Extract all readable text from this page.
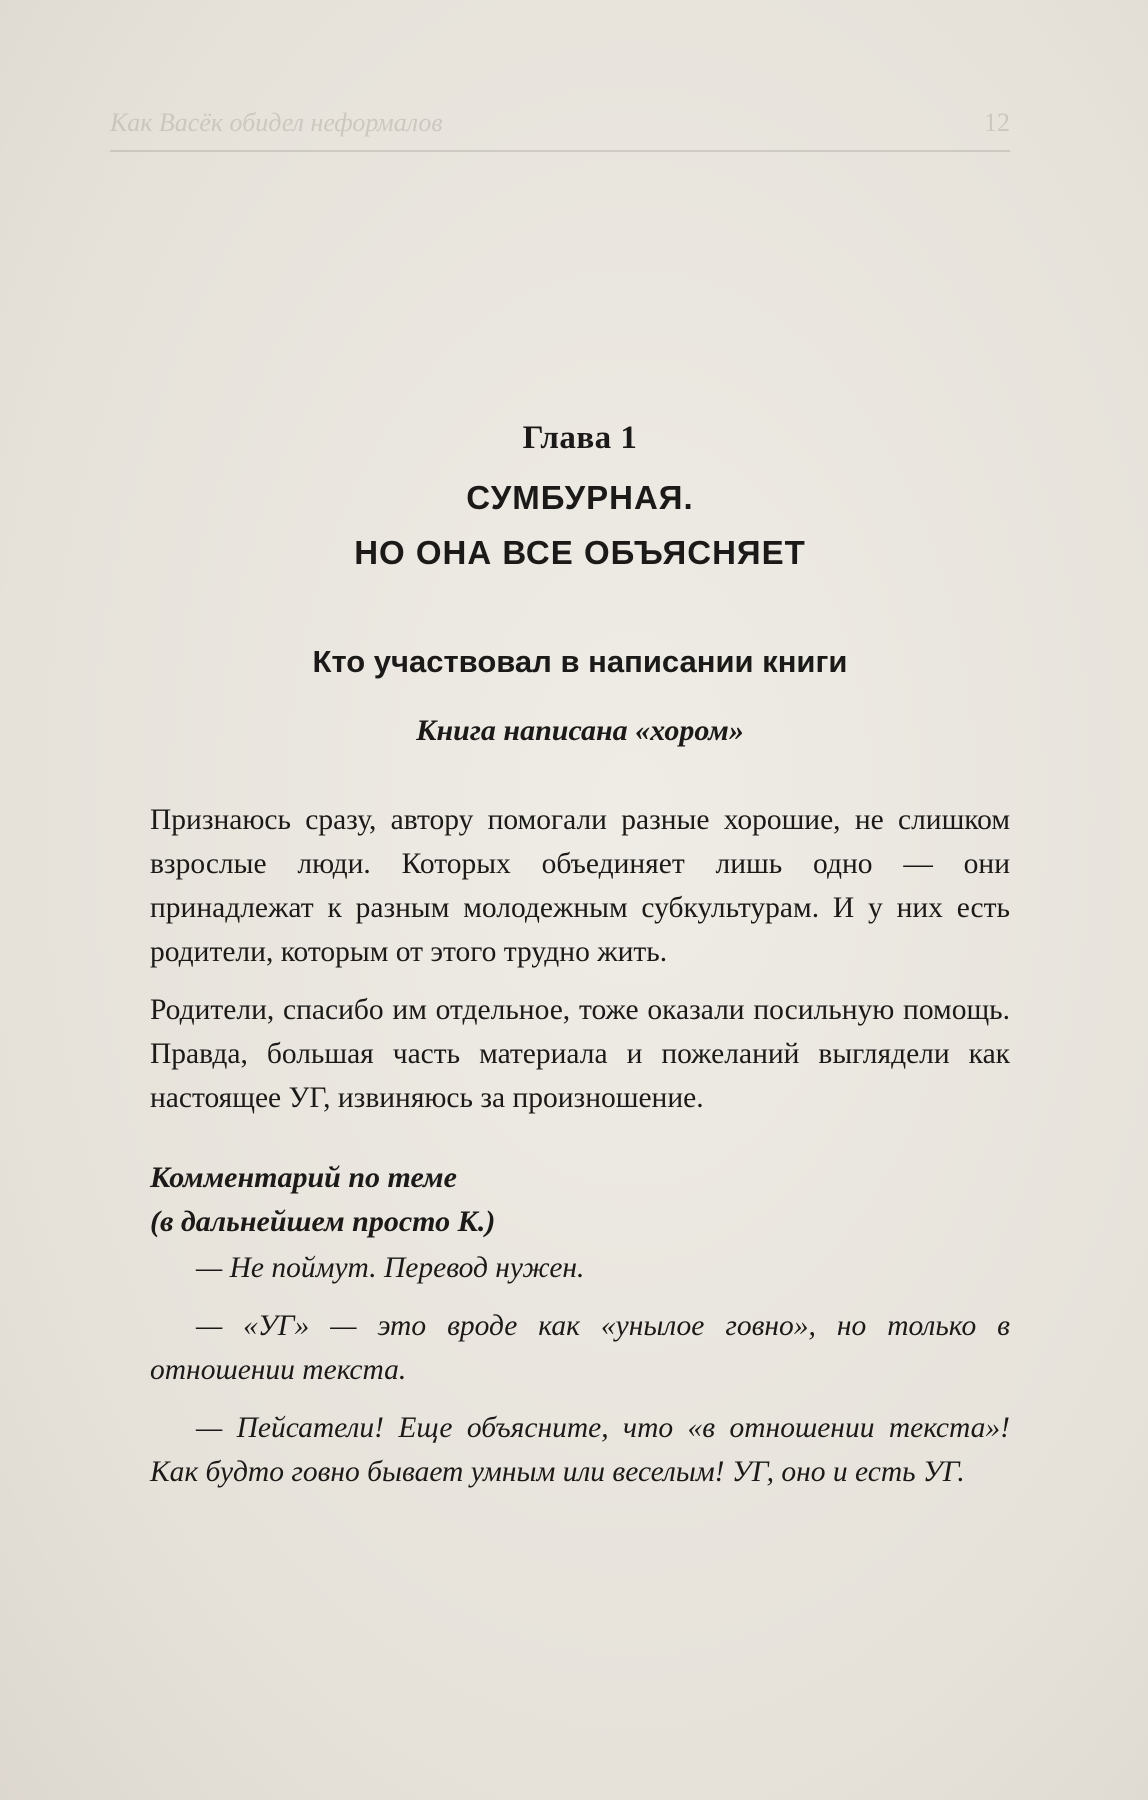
Как Васёк обидел неформалов	12

Глава 1

СУМБУРНАЯ.

НО ОНА ВСЕ ОБЪЯСНЯЕТ

Кто участвовал в написании книги

Книга написана «хором»

Признаюсь сразу, автору помогали разные хорошие, не слишком взрослые люди. Которых объединяет лишь одно — они принадлежат к разным молодежным субкультурам. И у них есть родители, которым от этого трудно жить.

Родители, спасибо им отдельное, тоже оказали посильную помощь. Правда, большая часть материала и пожеланий выглядели как настоящее УГ, извиняюсь за произношение.

Комментарий по теме
(в дальнейшем просто К.)

— Не поймут. Перевод нужен.

— «УГ» — это вроде как «унылое говно», но только в отношении текста.

— Пейсатели! Еще объясните, что «в отношении текста»! Как будто говно бывает умным или веселым! УГ, оно и есть УГ.
